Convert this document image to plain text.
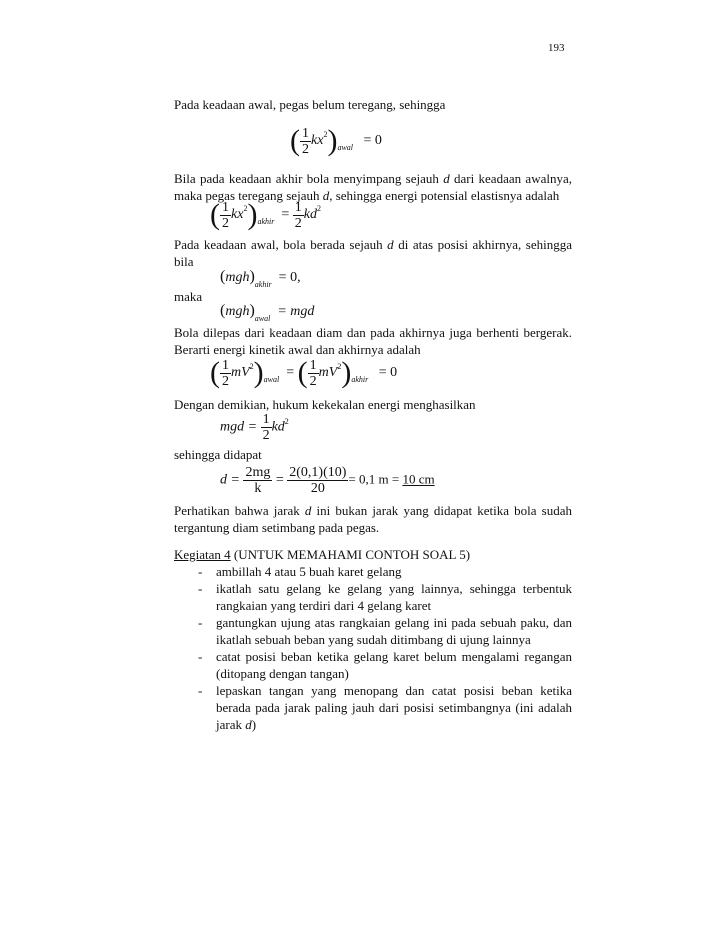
193

Pada keadaan awal, pegas belum teregang, sehingga

( $\frac{1}{2} kx^2)_{awal} = 0$

Bila pada keadaan akhir bola menyimpang sejauh d dari keadaan awalnya, maka pegas teregang sejauh d, sehingga energi potensial elastisnya adalah

( $\frac{1}{2} kx^2)_{akhir} = \frac{1}{2} kd^2$

Pada keadaan awal, bola berada sejauh d di atas posisi akhirnya, sehingga bila

$(mgh)_{akhir} = 0$,

maka

$(mgh)_{awal}$ = mgd

Bola dilepas dari keadaan diam dan pada akhirnya juga berhenti bergerak. Berarti energi kinetik awal dan akhirnya adalah

( $\frac{1}{2} mV^2)_{awal}$ = ( $\frac{1}{2} mV^2)_{akhir} = 0$

Dengan demikian, hukum kekekalan energi menghasilkan

mgd = $\frac{1}{2} kd^2$

sehingga didapat

$d = \frac{2mg}{k} = \frac{2(0,1)(10)}{20} = 0,1$ m = 10 cm

Perhatikan bahwa jarak d ini bukan jarak yang didapat ketika bola sudah tergantung diam setimbang pada pegas.

Kegiatan 4 (UNTUK MEMAHAMI CONTOH SOAL 5)

- ambillah 4 atau 5 buah karet gelang
- ikatlah satu gelang ke gelang yang lainnya, sehingga terbentuk rangkaian yang terdiri dari 4 gelang karet
- gantungkan ujung atas rangkaian gelang ini pada sebuah paku, dan ikatlah sebuah beban yang sudah ditimbang di ujung lainnya
- catat posisi beban ketika gelang karet belum mengalami regangan (ditopang dengan tangan)
- lepaskan tangan yang menopang dan catat posisi beban ketika berada pada jarak paling jauh dari posisi setimbangnya (ini adalah jarak d)
